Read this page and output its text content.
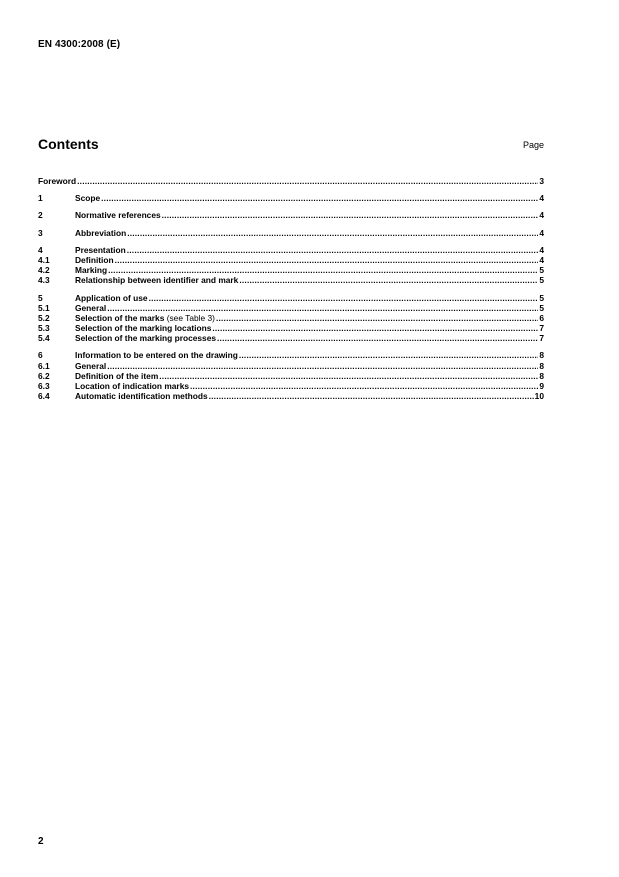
EN 4300:2008 (E)
Contents	Page
Foreword .....	3
1	Scope .....	4
2	Normative references .....	4
3	Abbreviation .....	4
4	Presentation .....	4
4.1	Definition .....	4
4.2	Marking .....	5
4.3	Relationship between identifier and mark .....	5
5	Application of use .....	5
5.1	General .....	5
5.2	Selection of the marks (see Table 3) .....	6
5.3	Selection of the marking locations .....	7
5.4	Selection of the marking processes .....	7
6	Information to be entered on the drawing .....	8
6.1	General .....	8
6.2	Definition of the item .....	8
6.3	Location of indication marks .....	9
6.4	Automatic identification methods .....	10
2
